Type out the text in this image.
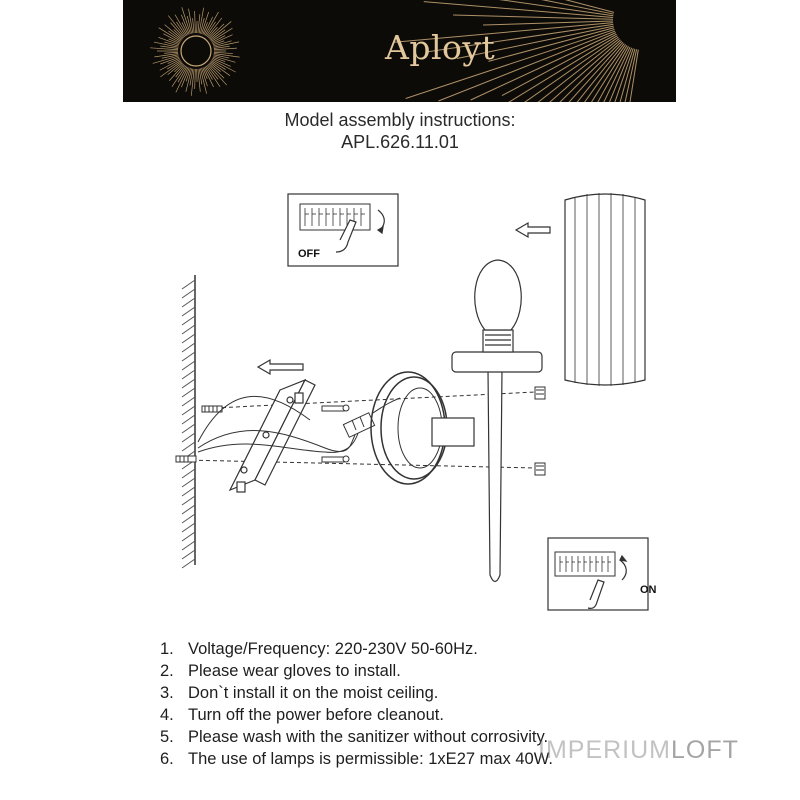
Aployt
Model assembly instructions:
APL.626.11.01
OFF
ON
1. Voltage/Frequency: 220-230V 50-60Hz.
2. Please wear gloves to install.
3. Don`t install it on the moist ceiling.
4. Turn off the power before cleanout.
5. Please wash with the sanitizer without corrosivity.
6. The use of lamps is permissible: 1xE27 max 40W.
IMPERIUMLOFT
